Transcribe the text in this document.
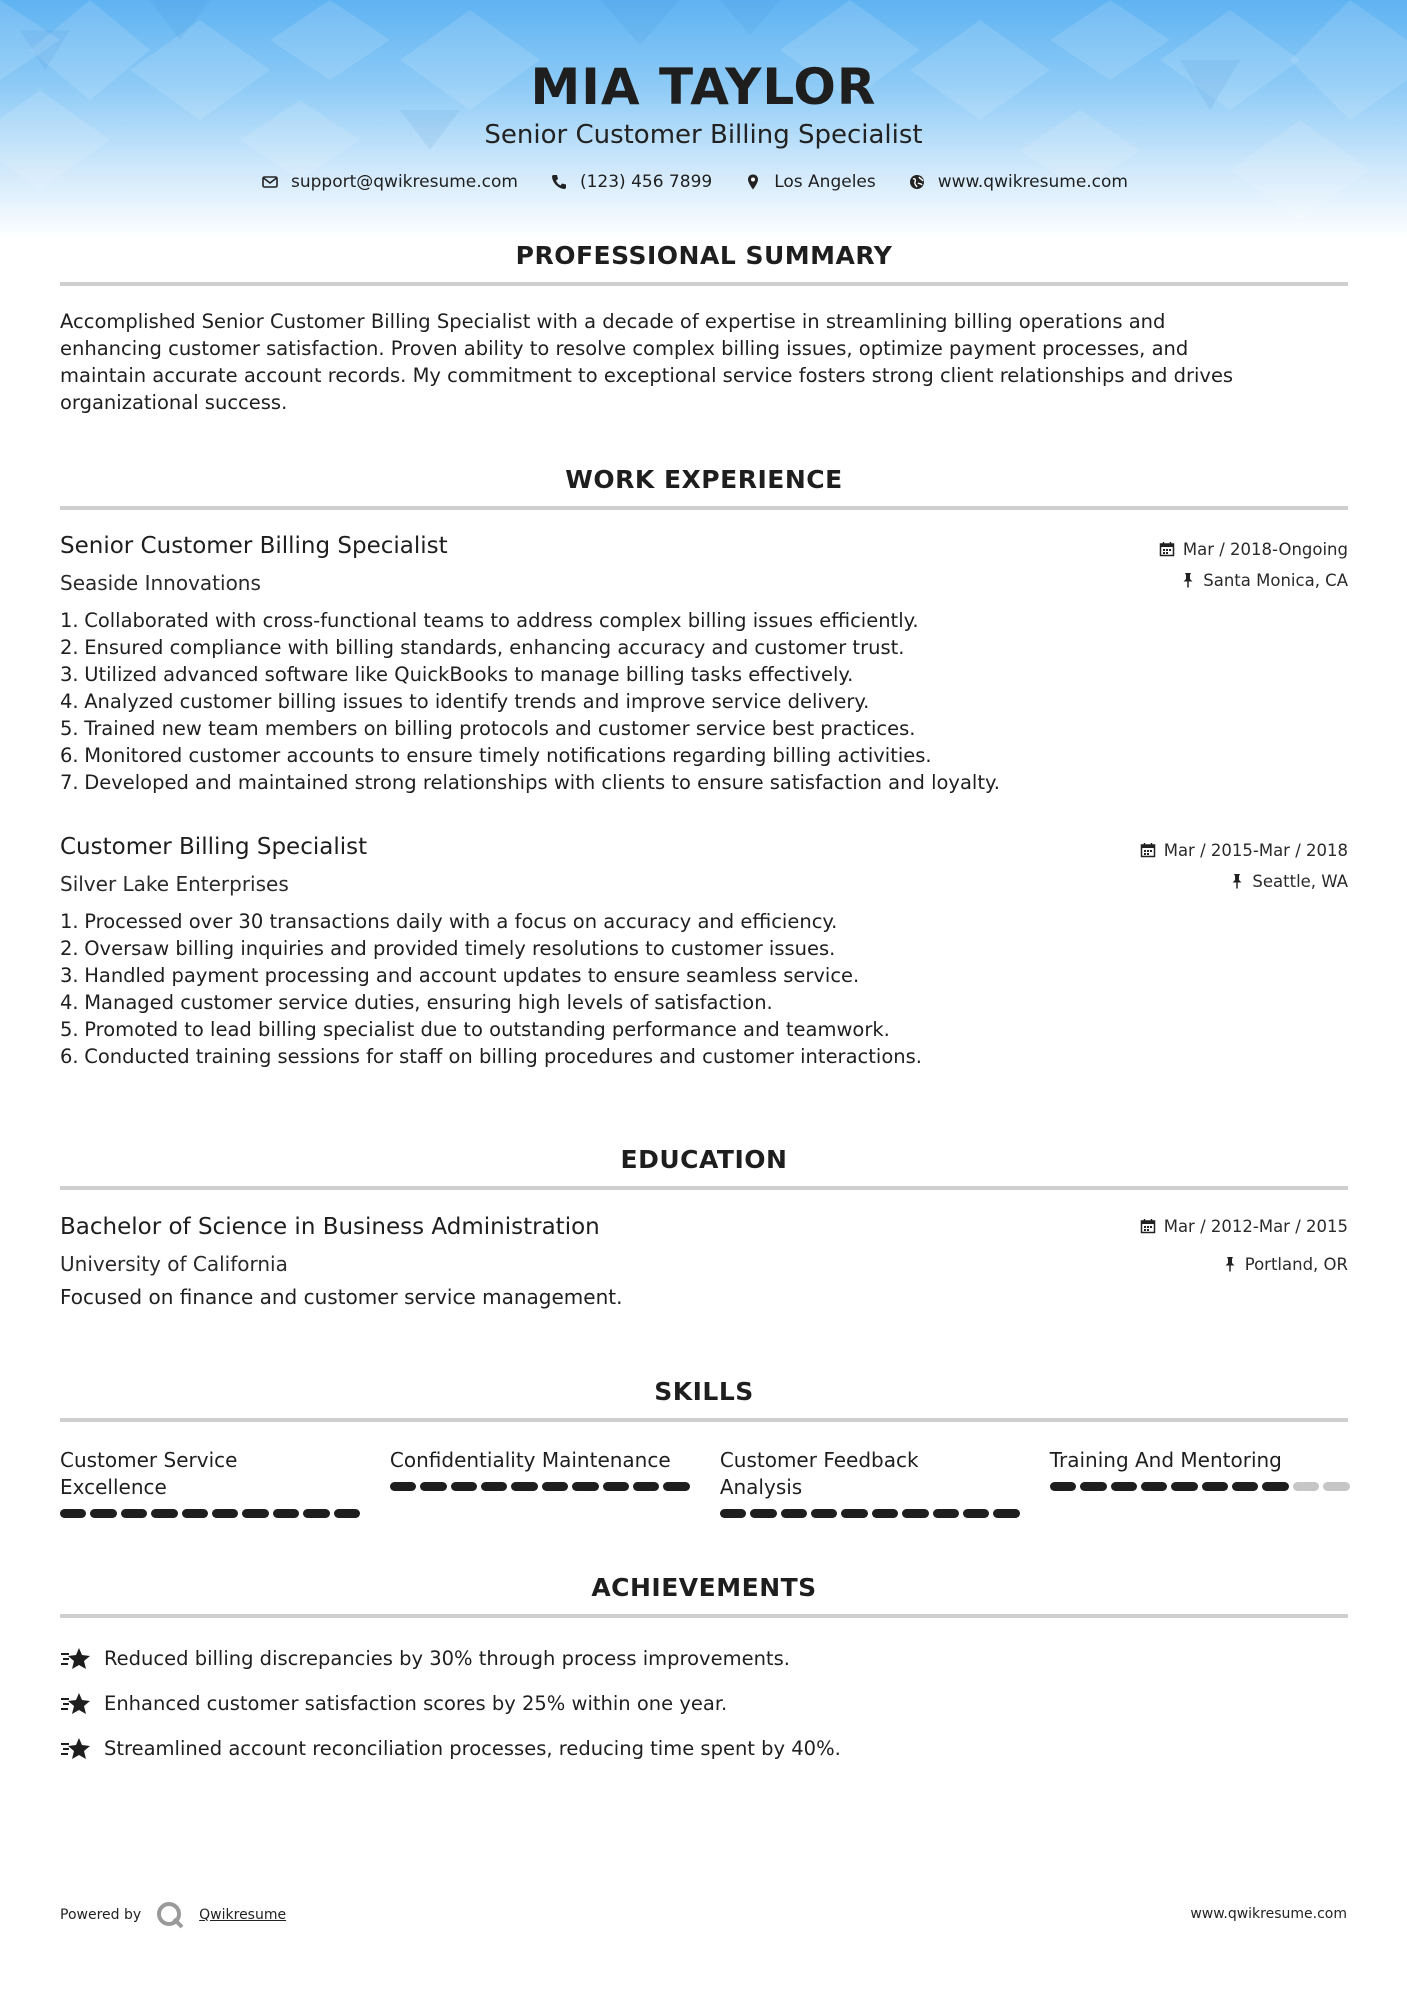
MIA TAYLOR
Senior Customer Billing Specialist
support@qwikresume.com	(123) 456 7899	Los Angeles	www.qwikresume.com
PROFESSIONAL SUMMARY
Accomplished Senior Customer Billing Specialist with a decade of expertise in streamlining billing operations and
enhancing customer satisfaction. Proven ability to resolve complex billing issues, optimize payment processes, and
maintain accurate account records. My commitment to exceptional service fosters strong client relationships and drives
organizational success.
WORK EXPERIENCE
Senior Customer Billing Specialist
Seaside Innovations
Mar / 2018-Ongoing
Santa Monica, CA
1.
Collaborated with cross-functional teams to address complex billing issues efficiently.
2.
Ensured compliance with billing standards, enhancing accuracy and customer trust.
3.
Utilized advanced software like QuickBooks to manage billing tasks effectively.
4.
Analyzed customer billing issues to identify trends and improve service delivery.
5.
Trained new team members on billing protocols and customer service best practices.
6.
Monitored customer accounts to ensure timely notifications regarding billing activities.
7.
Developed and maintained strong relationships with clients to ensure satisfaction and loyalty.
Customer Billing Specialist
Silver Lake Enterprises
Mar / 2015-Mar / 2018
Seattle, WA
1.
Processed over 30 transactions daily with a focus on accuracy and efficiency.
2.
Oversaw billing inquiries and provided timely resolutions to customer issues.
3.
Handled payment processing and account updates to ensure seamless service.
4.
Managed customer service duties, ensuring high levels of satisfaction.
5.
Promoted to lead billing specialist due to outstanding performance and teamwork.
6.
Conducted training sessions for staff on billing procedures and customer interactions.
EDUCATION
Bachelor of Science in Business Administration
University of California
Focused on finance and customer service management.
Mar / 2012-Mar / 2015
Portland, OR
SKILLS
Customer Service
Excellence
Confidentiality Maintenance	Customer Feedback
Analysis
Training And Mentoring
ACHIEVEMENTS
Reduced billing discrepancies by 30% through process improvements.
Enhanced customer satisfaction scores by 25% within one year.
Streamlined account reconciliation processes, reducing time spent by 40%.
Powered by	Qwikresume	www.qwikresume.com
